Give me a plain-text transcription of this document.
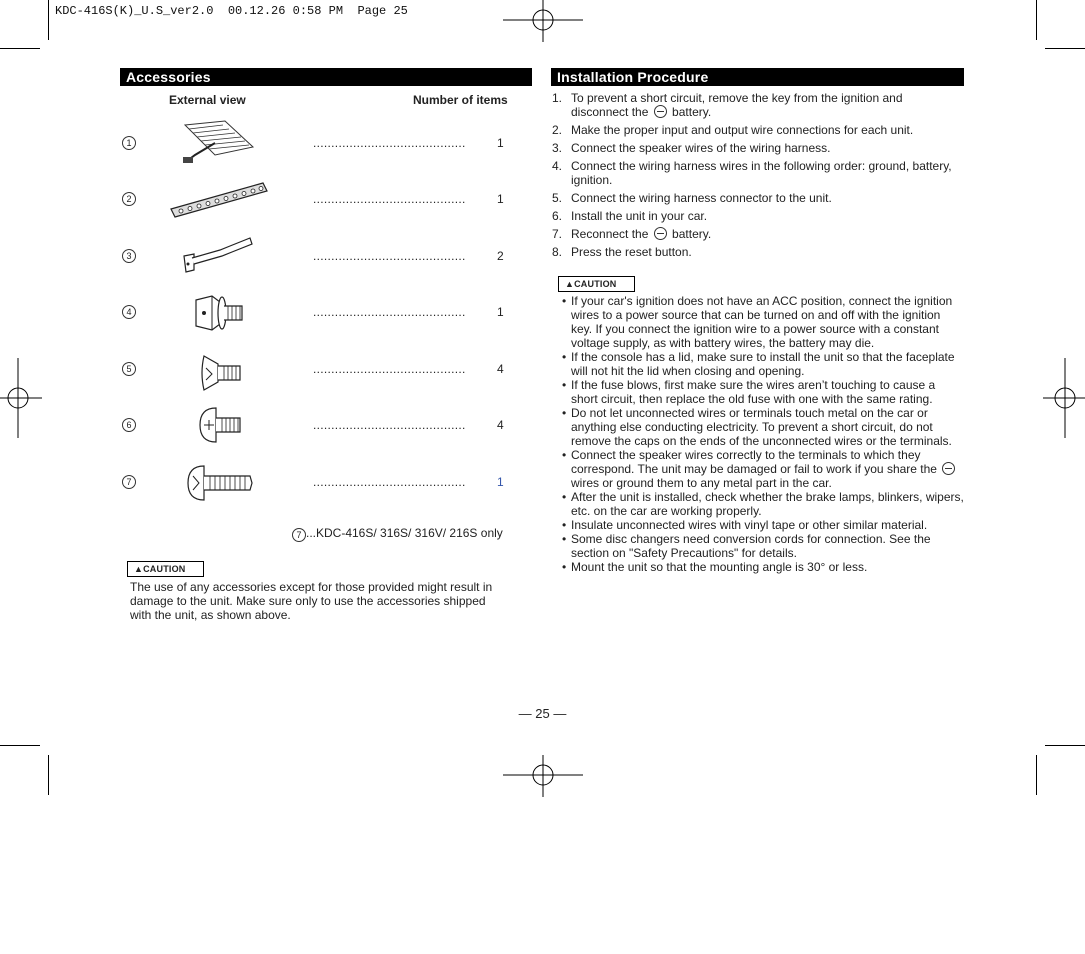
KDC-416S(K)_U.S_ver2.0  00.12.26 0:58 PM  Page 25
Accessories
External view	Number of items
1	..........................................	1
2	..........................................	1
3	..........................................	2
4	..........................................	1
5	..........................................	4
6	..........................................	4
7	..........................................	1
7 ...KDC-416S/ 316S/ 316V/ 216S only
▲CAUTION
The use of any accessories except for those provided might result in damage to the unit. Make sure only to use the accessories shipped with the unit, as shown above.
Installation Procedure
1. To prevent a short circuit, remove the key from the ignition and disconnect the  battery.
2. Make the proper input and output wire connections for each unit.
3. Connect the speaker wires of the wiring harness.
4. Connect the wiring harness wires in the following order: ground, battery, ignition.
5. Connect the wiring harness connector to the unit.
6. Install the unit in your car.
7. Reconnect the  battery.
8. Press the reset button.
▲CAUTION
• If your car's ignition does not have an ACC position, connect the ignition wires to a power source that can be turned on and off with the ignition key. If you connect the ignition wire to a power source with a constant voltage supply, as with battery wires, the battery may die.
• If the console has a lid, make sure to install the unit so that the faceplate will not hit the lid when closing and opening.
• If the fuse blows, first make sure the wires aren’t touching to cause a short circuit, then replace the old fuse with one with the same rating.
• Do not let unconnected wires or terminals touch metal on the car or anything else conducting electricity. To prevent a short circuit, do not remove the caps on the ends of the unconnected wires or the terminals.
• Connect the speaker wires correctly to the terminals to which they correspond. The unit may be damaged or fail to work if you share the  wires or ground them to any metal part in the car.
• After the unit is installed, check whether the brake lamps, blinkers, wipers, etc. on the car are working properly.
• Insulate unconnected wires with vinyl tape or other similar material.
• Some disc changers need conversion cords for connection. See the section on "Safety Precautions" for details.
• Mount the unit so that the mounting angle is 30° or less.
— 25 —
